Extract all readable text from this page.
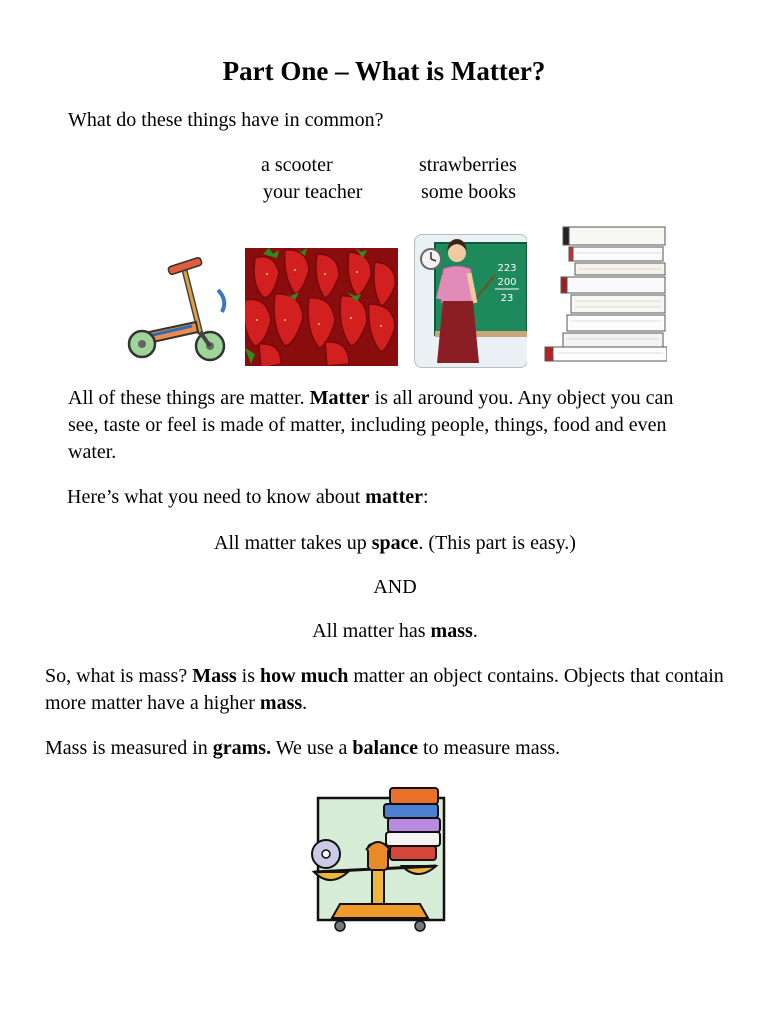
Part One – What is Matter?
What do these things have in common?
a scooter
your teacher
strawberries
some books
223
200
23
All of these things are matter. Matter is all around you. Any object you can see, taste or feel is made of matter, including people, things, food and even water.
Here’s what you need to know about matter:
All matter takes up space. (This part is easy.)
AND
All matter has mass.
So, what is mass? Mass is how much matter an object contains. Objects that contain more matter have a higher mass.
Mass is measured in grams. We use a balance to measure mass.
